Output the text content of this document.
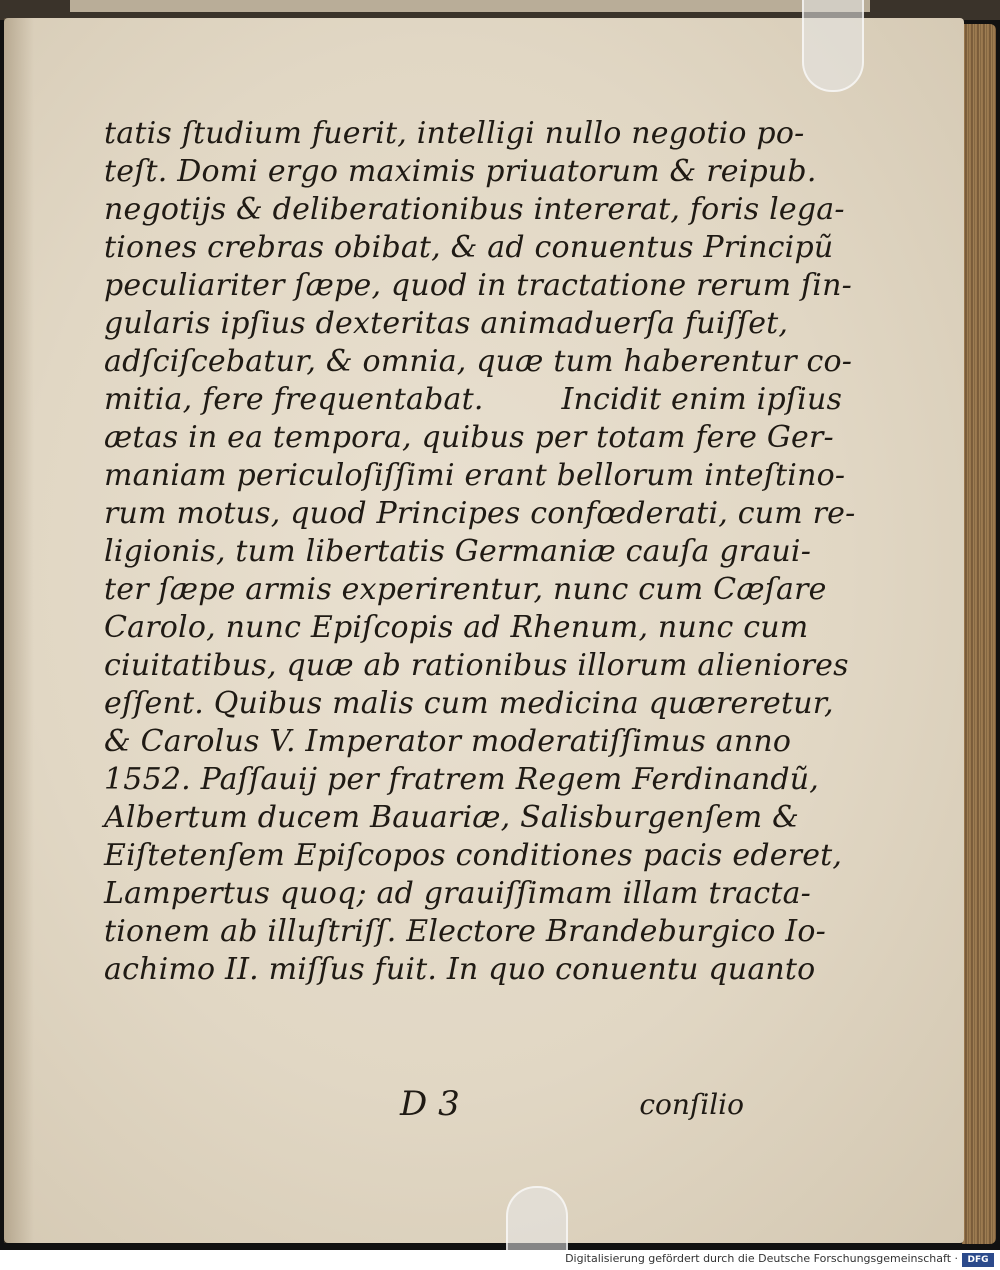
tatis ſtudium fuerit, intelligi nullo negotio po-
teſt. Domi ergo maximis priuatorum & reipub.
negotijs & deliberationibus intererat, foris lega-
tiones crebras obibat, & ad conuentus Principũ
peculiariter ſæpe, quod in tractatione rerum ſin-
gularis ipſius dexteritas animaduerſa fuiſſet,
adſciſcebatur, & omnia, quæ tum haberentur co-
mitia, fere frequentabat.        Incidit enim ipſius
ætas in ea tempora, quibus per totam fere Ger-
maniam periculoſiſſimi erant bellorum inteſtino-
rum motus, quod Principes confœderati, cum re-
ligionis, tum libertatis Germaniæ cauſa graui-
ter ſæpe armis experirentur, nunc cum Cæſare
Carolo, nunc Epiſcopis ad Rhenum, nunc cum
ciuitatibus, quæ ab rationibus illorum alieniores
eſſent. Quibus malis cum medicina quæreretur,
& Carolus V. Imperator moderatiſſimus anno
1552. Paſſauij per fratrem Regem Ferdinandũ,
Albertum ducem Bauariæ, Salisburgenſem &
Eiſtetenſem Epiſcopos conditiones pacis ederet,
Lampertus quoq; ad grauiſſimam illam tracta-
tionem ab illuſtriſſ. Electore Brandeburgico Io-
achimo II. miſſus fuit. In quo conuentu quanto
D 3	conſilio
Digitalisierung gefördert durch die Deutsche Forschungsgemeinschaft ·	DFG
